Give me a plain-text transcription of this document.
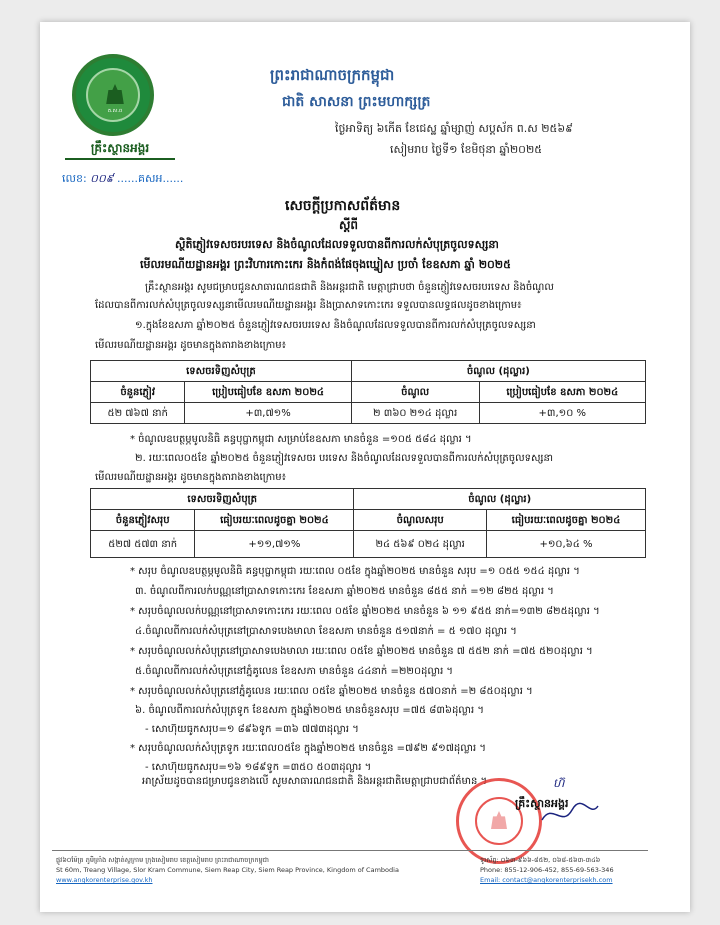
គ.ស.ព
គ្រឹះស្ថានអង្គរ
លេខ: ០០៩ ......គសអ......
ព្រះរាជាណាចក្រកម្ពុជា
ជាតិ សាសនា ព្រះមហាក្សត្រ
ថ្ងៃអាទិត្យ ៦កើត ខែជេស្ឋ ឆ្នាំម្សាញ់ សប្តស័ក ព.ស ២៥៦៩
សៀមរាប ថ្ងៃទី១ ខែមិថុនា ឆ្នាំ២០២៥
សេចក្តីប្រកាសព័ត៌មាន
ស្តីពី
ស្ថិតិភ្ញៀវទេសចរបរទេស និងចំណូលដែលទទួលបានពីការលក់សំបុត្រចូលទស្សនា
មើលរមណីយដ្ឋានអង្គរ ព្រះវិហារកោះកេរ និងកំពង់ផែចុងឃ្នៀស ប្រចាំ ខែឧសភា ឆ្នាំ ២០២៥
គ្រឹះស្ថានអង្គរ សូមជម្រាបជូនសាធារណជនជាតិ និងអន្តរជាតិ មេត្តាជ្រាបថា ចំនួនភ្ញៀវទេសចរបរទេស និងចំណូល
ដែលបានពីការលក់សំបុត្រចូលទស្សនាមើលរមណីយដ្ឋានអង្គរ និងប្រាសាទកោះកេរ ទទួលបានលទ្ធផលដូចខាងក្រោម៖
១.ក្នុងខែឧសភា ឆ្នាំ២០២៥ ចំនួនភ្ញៀវទេសចរបរទេស និងចំណូលដែលទទួលបានពីការលក់សំបុត្រចូលទស្សនា
មើលរមណីយដ្ឋានអង្គរ ដូចមានក្នុងតារាងខាងក្រោម៖
ទេសចរទិញសំបុត្រ		ចំណូល (ដុល្លារ)	
ចំនួនភ្ញៀវ	ប្រៀបធៀបខែ ឧសភា ២០២៤	ចំណូល	ប្រៀបធៀបខែ ឧសភា ២០២៤
៥២ ៧៦៧ នាក់	+៣,៧១%	២ ៣៦០ ២១៤ ដុល្លារ	+៣,១០ %
* ចំណូលឧបត្ថម្ភមូលនិធិ គន្ធបុប្ផាកម្ពុជា សម្រាប់ខែឧសភា មានចំនួន =១០៥ ៥៨៤ ដុល្លារ ។
២. រយៈពេល០៥ខែ ឆ្នាំ២០២៥ ចំនួនភ្ញៀវទេសចរ បរទេស និងចំណូលដែលទទួលបានពីការលក់សំបុត្រចូលទស្សនា
មើលរមណីយដ្ឋានអង្គរ ដូចមានក្នុងតារាងខាងក្រោម៖
ទេសចរទិញសំបុត្រ		ចំណូល (ដុល្លារ)	
ចំនួនភ្ញៀវសរុប	ធៀបរយៈពេលដូចគ្នា ២០២៤	ចំណូលសរុប	ធៀបរយៈពេលដូចគ្នា ២០២៤
៥២៧ ៥៧៣ នាក់	+១១,៧១%	២៤ ៥៦៩ ០២៤ ដុល្លារ	+១០,៦៤ %
* សរុប ចំណូលឧបត្ថម្ភមូលនិធិ គន្ធបុប្ផាកម្ពុជា រយៈពេល ០៥ខែ ក្នុងឆ្នាំ២០២៥ មានចំនួន សរុប =១ ០៥៥ ១៥៤ ដុល្លារ ។
៣. ចំណូលពីការលក់បណ្ណនៅប្រាសាទកោះកេរ ខែឧសភា ឆ្នាំ២០២៥ មានចំនួន ៨៥៥ នាក់ =១២ ៨២៥ ដុល្លារ ។
* សរុបចំណូលលក់បណ្ណនៅប្រាសាទកោះកេរ រយៈពេល ០៥ខែ ឆ្នាំ២០២៥ មានចំនួន ៦ ១១ ៩៥៥ នាក់=១៣២ ៨២៥ដុល្លារ ។
៤.ចំណូលពីការលក់សំបុត្រនៅប្រាសាទបេងមាលា ខែឧសភា មានចំនួន ៥១៧នាក់ = ៥ ១៧០ ដុល្លារ ។
* សរុបចំណូលលក់សំបុត្រនៅប្រាសាទបេងមាលា រយៈពេល ០៥ខែ ឆ្នាំ២០២៥ មានចំនួន ៧ ៥៥២ នាក់ =៧៥ ៥២០ដុល្លារ ។
៥.ចំណូលពីការលក់សំបុត្រនៅភ្នំគូលេន ខែឧសភា មានចំនួន ៤៤នាក់ =២២០ដុល្លារ ។
* សរុបចំណូលលក់សំបុត្រនៅភ្នំគូលេន រយៈពេល ០៥ខែ ឆ្នាំ២០២៥ មានចំនួន ៥៧០នាក់ =២ ៨៥០ដុល្លារ ។
៦. ចំណូលពីការលក់សំបុត្រទូក ខែឧសភា ក្នុងឆ្នាំ២០២៥ មានចំនួនសរុប =៧៥ ៨៣៦ដុល្លារ ។
- សោហ៊ុយធូកសរុប=១ ៨៩៦ទូក =៣៦ ៧៧៣ដុល្លារ ។
* សរុបចំណូលលក់សំបុត្រទូក រយៈពេល០៥ខែ ក្នុងឆ្នាំ២០២៥ មានចំនួន =៧៩២ ៩១៧ដុល្លារ ។
- សោហ៊ុយធូកសរុប=១៦ ១៨៩ទូក =៣៥០ ៥០៣ដុល្លារ ។
អាស្រ័យដូចបានជម្រាបជូនខាងលើ សូមសាធារណជនជាតិ និងអន្តរជាតិមេត្តាជ្រាបជាព័ត៌មាន ។	ហ៊
គ្រឹះស្ថានអង្គរ
ផ្លូវ៦០ម៉ែត្រ ភូមិត្រាំង សង្កាត់ស្លក្រាម ក្រុងសៀមរាប ខេត្តសៀមរាប ព្រះរាជាណាចក្រកម្ពុជា
St 60m, Treang Village, Slor Kram Commune, Siem Reap City, Siem Reap Province, Kingdom of Cambodia
www.angkorenterprise.gov.kh
ទូរស័ព្ទ: ០៦៣-៩៦៦-៨៥២, ០៦៨-៥៦៣-៣៤៦
Phone: 855-12-906-452, 855-69-563-346
Email: contact@angkorenterprisekh.com
